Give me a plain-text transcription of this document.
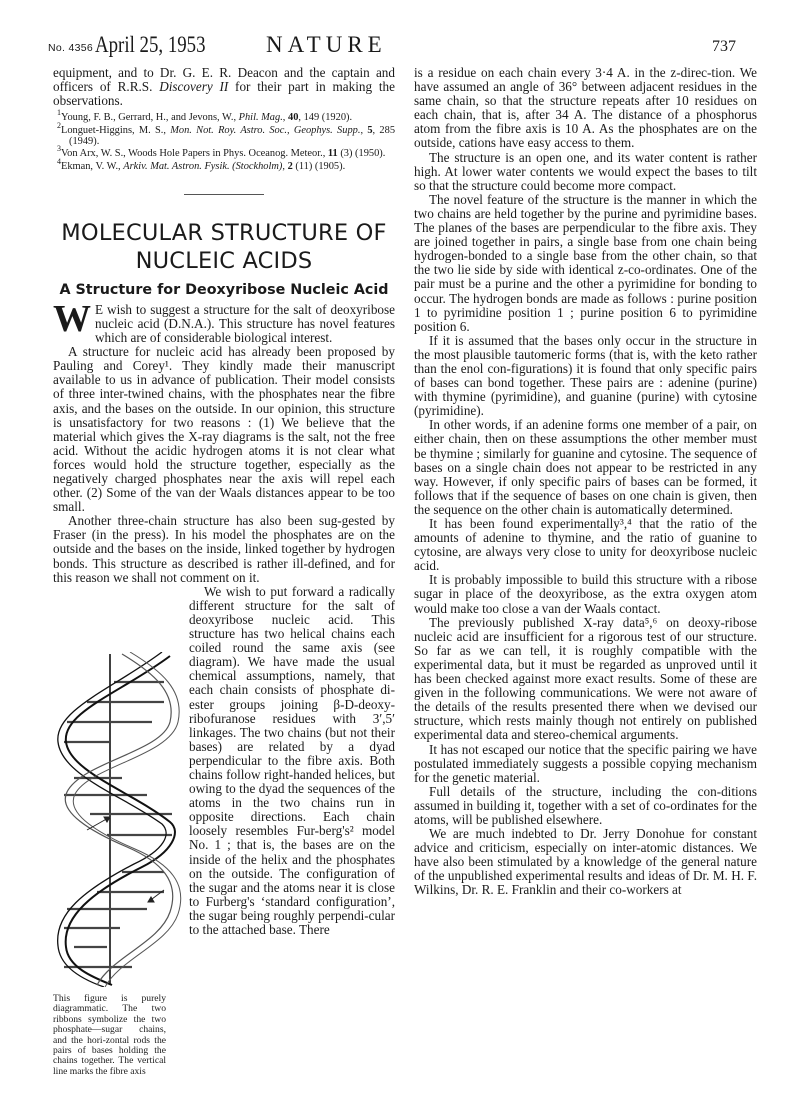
No. 4356 April 25, 1953	NATURE	737

equipment, and to Dr. G. E. R. Deacon and the captain and officers of R.R.S. Discovery II for their part in making the observations.

$^1$Young, F. B., Gerrard, H., and Jevons, W., Phil. Mag., 40, 149 (1920).
$^2$Longuet-Higgins, M. S., Mon. Not. Roy. Astro. Soc., Geophys. Supp., 5, 285 (1949).
$^3$Von Arx, W. S., Woods Hole Papers in Phys. Oceanog. Meteor., 11 (3) (1950).
$^4$Ekman, V. W., Arkiv. Mat. Astron. Fysik. (Stockholm), 2 (11) (1905).
MOLECULAR STRUCTURE OF
NUCLEIC ACIDS
A Structure for Deoxyribose Nucleic Acid

W E wish to suggest a structure for the salt of deoxyribose nucleic acid (D.N.A.). This structure has novel features which are of considerable biological interest.

A structure for nucleic acid has already been proposed by Pauling and Corey¹. They kindly made their manuscript available to us in advance of publication. Their model consists of three inter-twined chains, with the phosphates near the fibre axis, and the bases on the outside. In our opinion, this structure is unsatisfactory for two reasons : (1) We believe that the material which gives the X-ray diagrams is the salt, not the free acid. Without the acidic hydrogen atoms it is not clear what forces would hold the structure together, especially as the negatively charged phosphates near the axis will repel each other. (2) Some of the van der Waals distances appear to be too small.

Another three-chain structure has also been sug-gested by Fraser (in the press). In his model the phosphates are on the outside and the bases on the inside, linked together by hydrogen bonds. This structure as described is rather ill-defined, and for this reason we shall not comment on it.

We wish to put forward a radically different structure for the salt of deoxyribose nucleic acid. This structure has two helical chains each coiled round the same axis (see diagram). We have made the usual chemical assumptions, namely, that each chain consists of phosphate di-ester groups joining β-D-deoxy-ribofuranose residues with 3′,5′ linkages. The two chains (but not their bases) are related by a dyad perpendicular to the fibre axis. Both chains follow right-handed helices, but owing to the dyad the sequences of the atoms in the two chains run in opposite directions. Each chain loosely resembles Fur-berg's² model No. 1 ; that is, the bases are on the inside of the helix and the phosphates on the outside. The configuration of the sugar and the atoms near it is close to Furberg's ‘standard configuration’, the sugar being roughly perpendi-cular to the attached base. There

This figure is purely diagrammatic. The two ribbons symbolize the two phosphate—sugar chains, and the hori-zontal rods the pairs of bases holding the chains together. The vertical line marks the fibre axis

is a residue on each chain every 3·4 A. in the z-direc-tion. We have assumed an angle of 36° between adjacent residues in the same chain, so that the structure repeats after 10 residues on each chain, that is, after 34 A. The distance of a phosphorus atom from the fibre axis is 10 A. As the phosphates are on the outside, cations have easy access to them.

The structure is an open one, and its water content is rather high. At lower water contents we would expect the bases to tilt so that the structure could become more compact.

The novel feature of the structure is the manner in which the two chains are held together by the purine and pyrimidine bases. The planes of the bases are perpendicular to the fibre axis. They are joined together in pairs, a single base from one chain being hydrogen-bonded to a single base from the other chain, so that the two lie side by side with identical z-co-ordinates. One of the pair must be a purine and the other a pyrimidine for bonding to occur. The hydrogen bonds are made as follows : purine position 1 to pyrimidine position 1 ; purine position 6 to pyrimidine position 6.

If it is assumed that the bases only occur in the structure in the most plausible tautomeric forms (that is, with the keto rather than the enol con-figurations) it is found that only specific pairs of bases can bond together. These pairs are : adenine (purine) with thymine (pyrimidine), and guanine (purine) with cytosine (pyrimidine).

In other words, if an adenine forms one member of a pair, on either chain, then on these assumptions the other member must be thymine ; similarly for guanine and cytosine. The sequence of bases on a single chain does not appear to be restricted in any way. However, if only specific pairs of bases can be formed, it follows that if the sequence of bases on one chain is given, then the sequence on the other chain is automatically determined.

It has been found experimentally³,⁴ that the ratio of the amounts of adenine to thymine, and the ratio of guanine to cytosine, are always very close to unity for deoxyribose nucleic acid.

It is probably impossible to build this structure with a ribose sugar in place of the deoxyribose, as the extra oxygen atom would make too close a van der Waals contact.

The previously published X-ray data⁵,⁶ on deoxy-ribose nucleic acid are insufficient for a rigorous test of our structure. So far as we can tell, it is roughly compatible with the experimental data, but it must be regarded as unproved until it has been checked against more exact results. Some of these are given in the following communications. We were not aware of the details of the results presented there when we devised our structure, which rests mainly though not entirely on published experimental data and stereo-chemical arguments.

It has not escaped our notice that the specific pairing we have postulated immediately suggests a possible copying mechanism for the genetic material.

Full details of the structure, including the con-ditions assumed in building it, together with a set of co-ordinates for the atoms, will be published elsewhere.

We are much indebted to Dr. Jerry Donohue for constant advice and criticism, especially on inter-atomic distances. We have also been stimulated by a knowledge of the general nature of the unpublished experimental results and ideas of Dr. M. H. F. Wilkins, Dr. R. E. Franklin and their co-workers at
